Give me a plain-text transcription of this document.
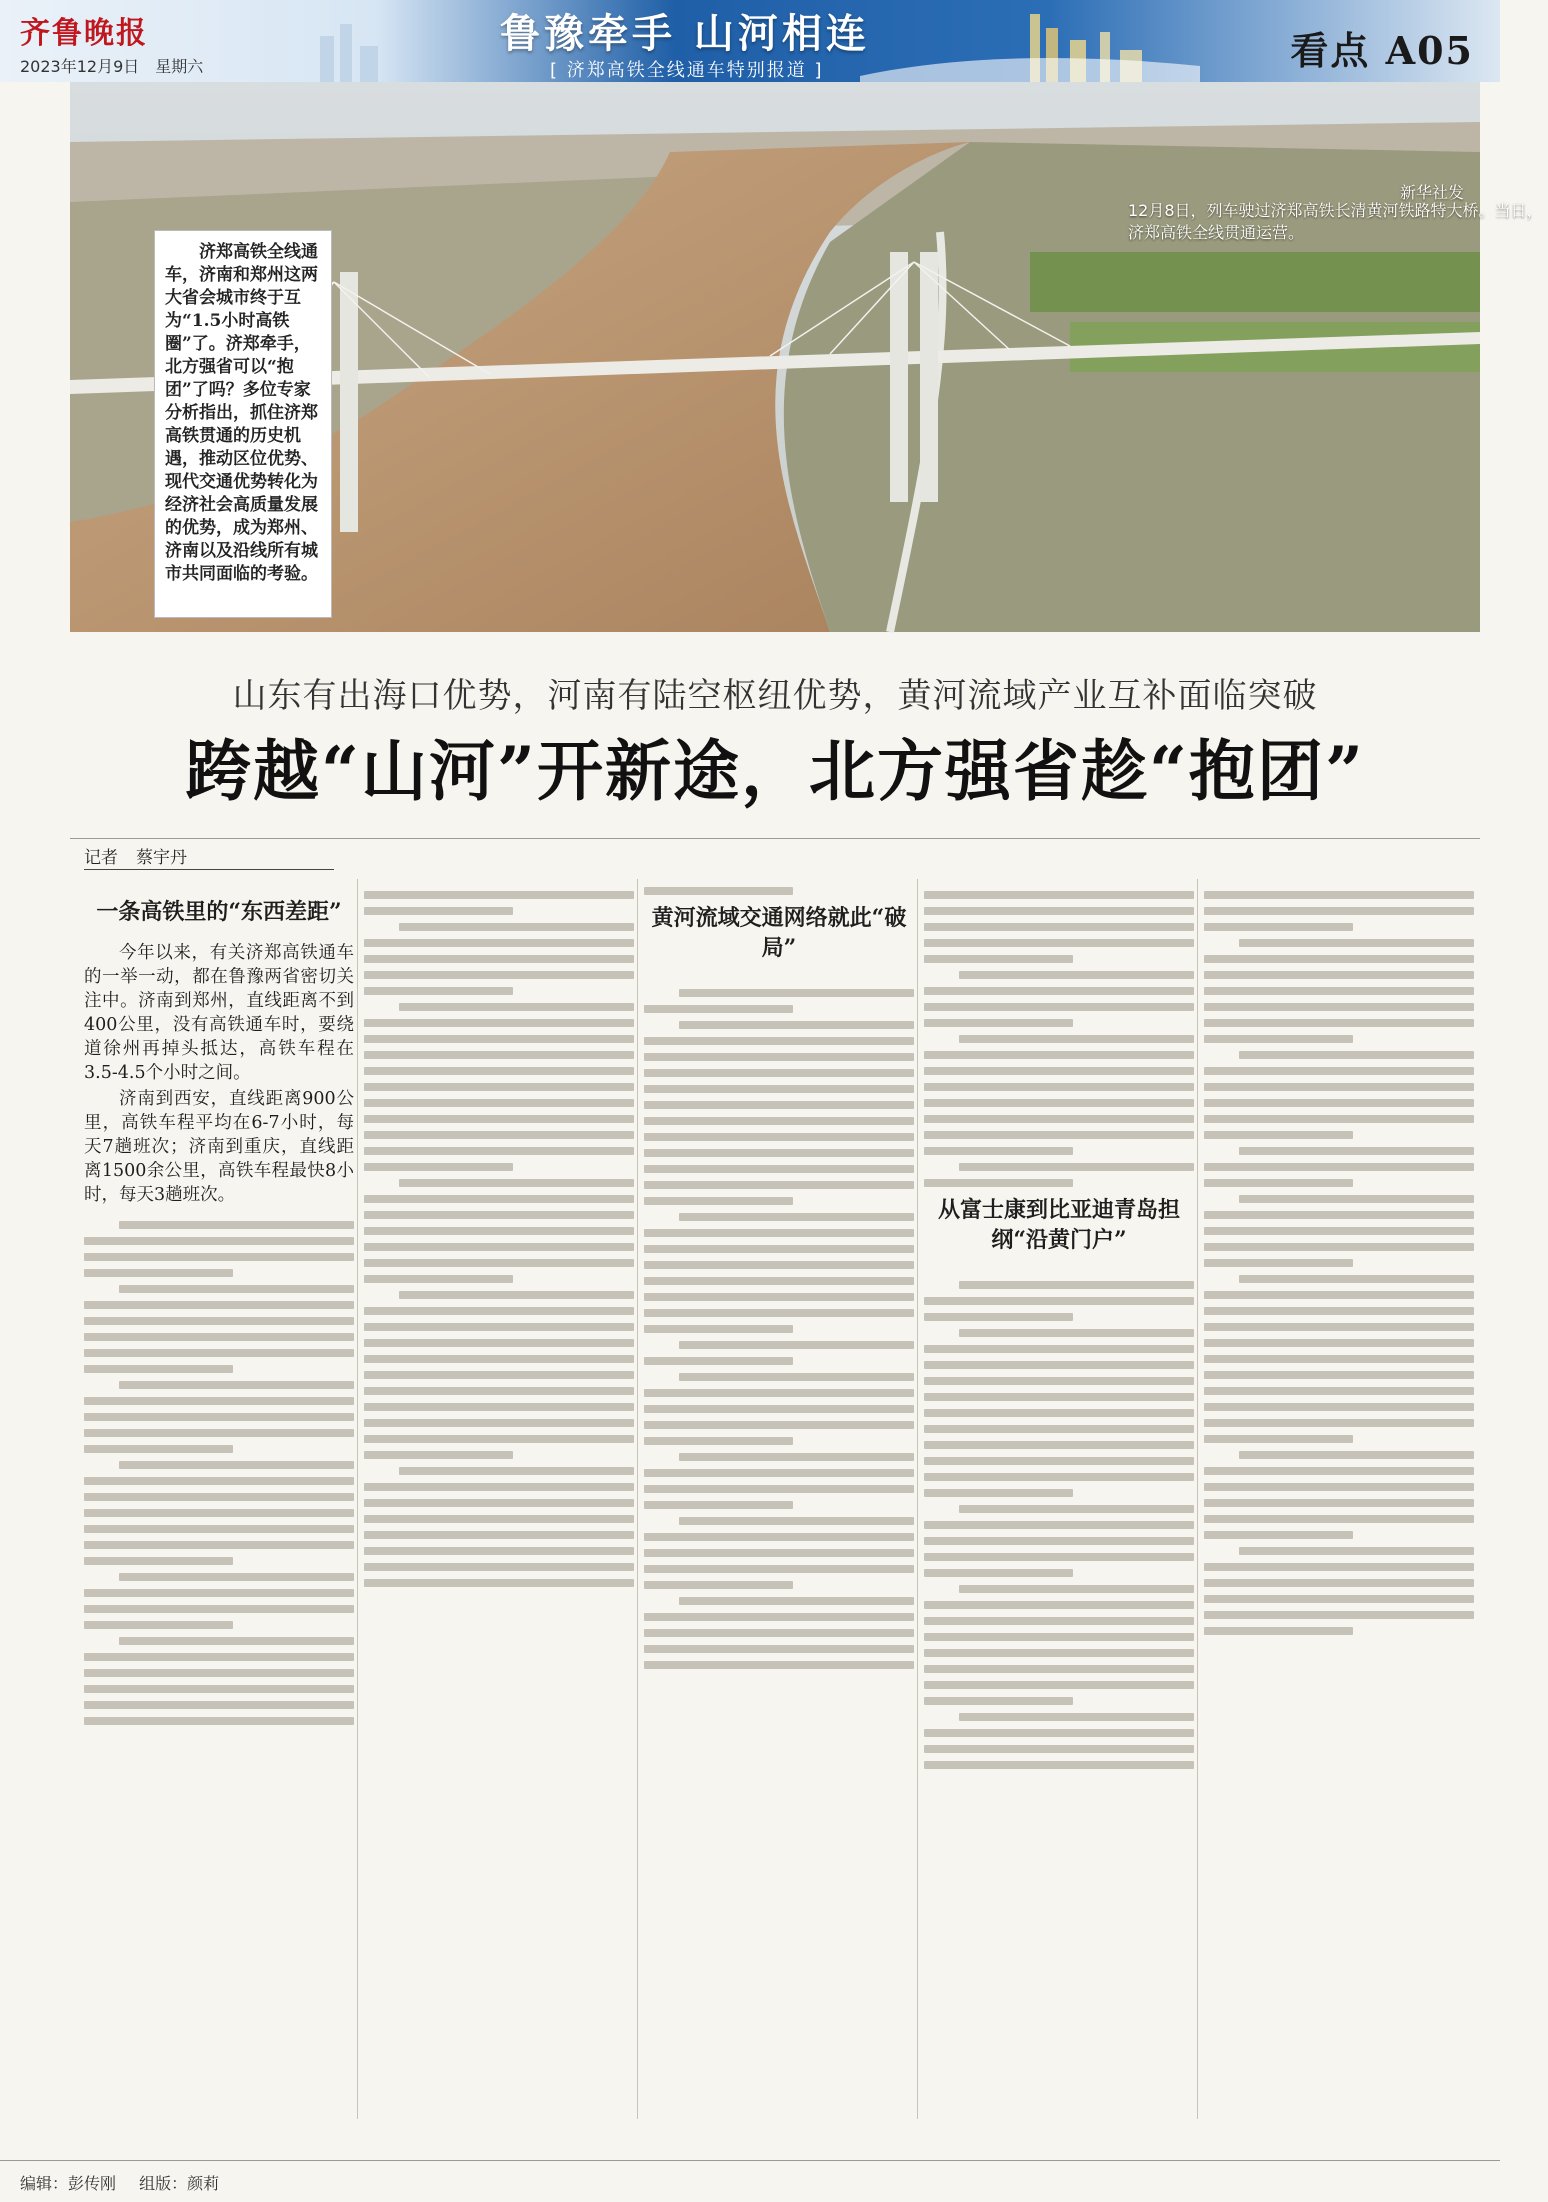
齐鲁晚报
2023年12月9日 星期六
鲁豫牵手 山河相连
[ 济郑高铁全线通车特别报道 ]	看点 A05
济郑高铁全线通车，济南和郑州这两大省会城市终于互为“1.5小时高铁圈”了。济郑牵手，北方强省可以“抱团”了吗？多位专家分析指出，抓住济郑高铁贯通的历史机遇，推动区位优势、现代交通优势转化为经济社会高质量发展的优势，成为郑州、济南以及沿线所有城市共同面临的考验。
12月8日，列车驶过济郑高铁长清黄河铁路特大桥。当日，济郑高铁全线贯通运营。
新华社发
山东有出海口优势，河南有陆空枢纽优势，黄河流域产业互补面临突破
跨越“山河”开新途，北方强省趁“抱团”
记者 蔡宇丹
一条高铁里的“东西差距”

今年以来，有关济郑高铁通车的一举一动，都在鲁豫两省密切关注中。济南到郑州，直线距离不到400公里，没有高铁通车时，要绕道徐州再掉头抵达，高铁车程在3.5-4.5个小时之间。

济南到西安，直线距离900公里，高铁车程平均在6-7小时，每天7趟班次；济南到重庆，直线距离1500余公里，高铁车程最快8小时，每天3趟班次。

黄河流域交通网络就此“破局”
从富士康到比亚迪青岛担纲“沿黄门户”
编辑：彭传刚 组版：颜莉
